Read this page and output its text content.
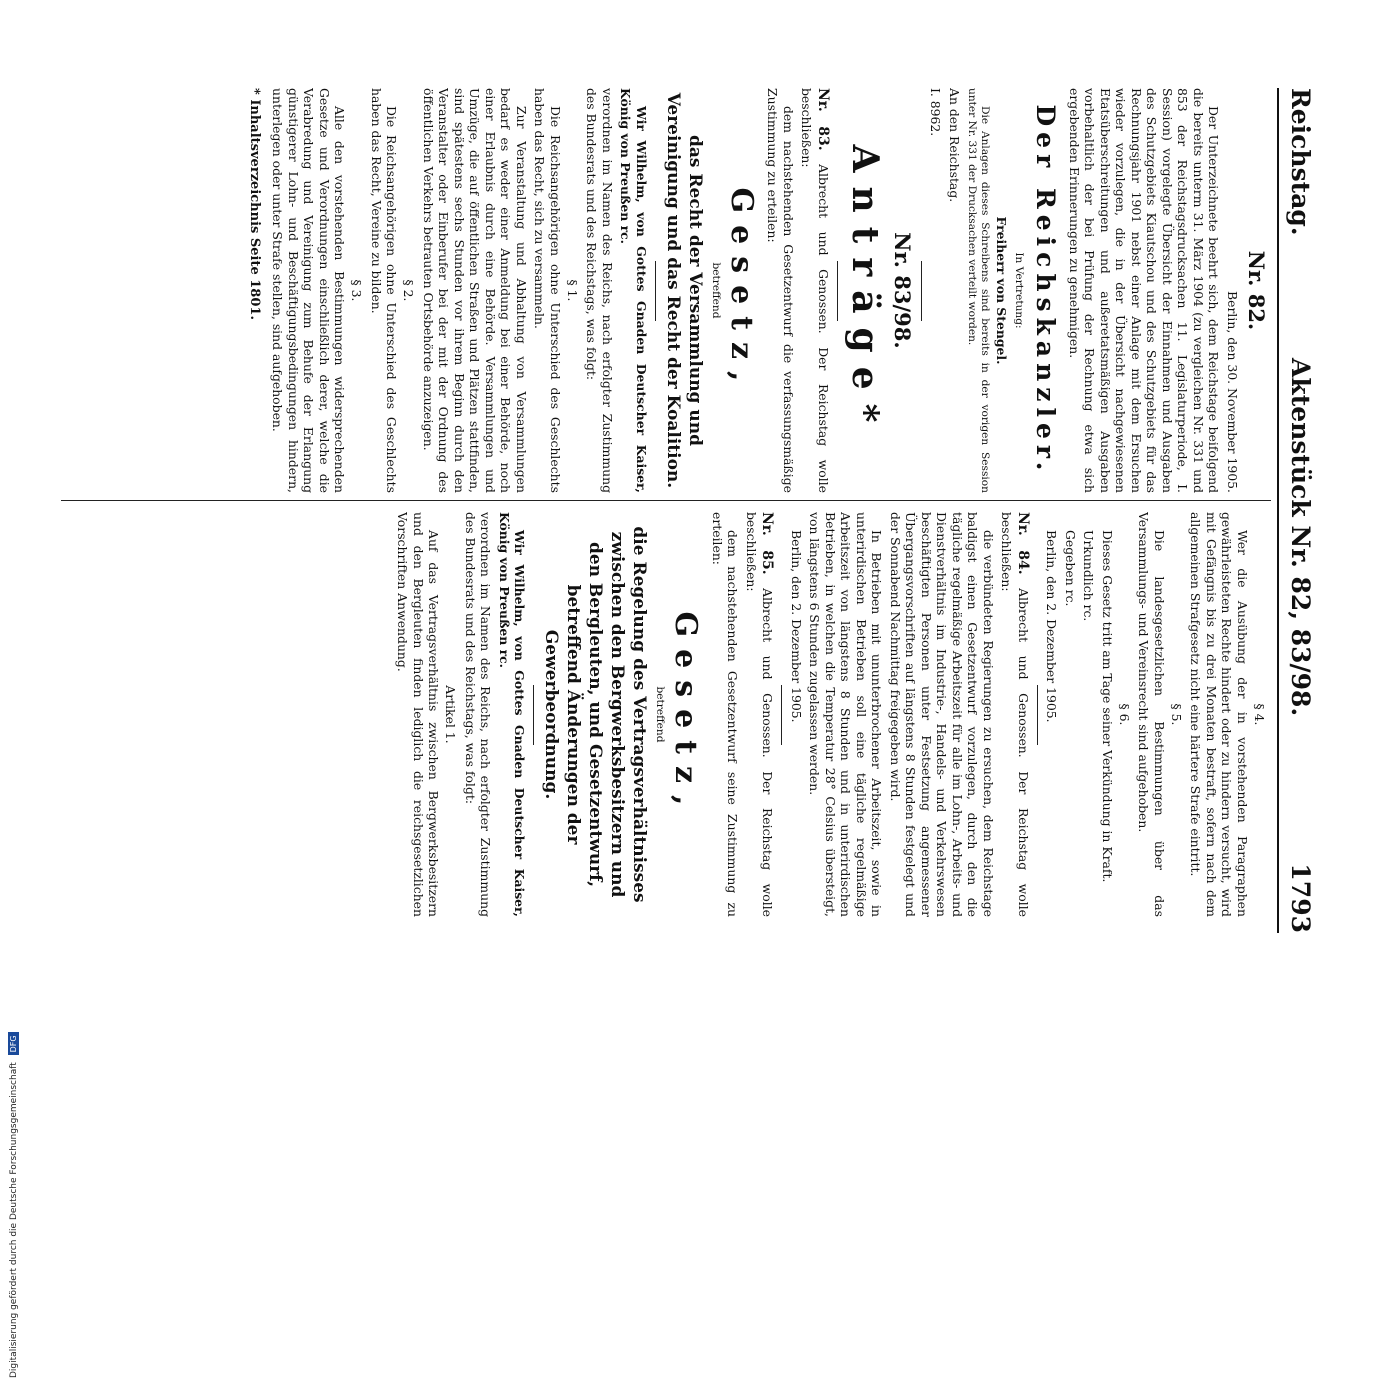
Reichstag.
Aktenstück Nr. 82, 83/98.
1793
Nr. 82.

Berlin, den 30. November 1905.

Der Unterzeichnete beehrt sich, dem Reichstage beifolgend die bereits unterm 31. März 1904 (zu vergleichen Nr. 331 und 853 der Reichstagsdrucksachen 11. Legislaturperiode, I. Session) vorgelegte Übersicht der Einnahmen und Ausgaben des Schutzgebiets Kiautschou und des Schutzgebiets für das Rechnungsjahr 1901 nebst einer Anlage mit dem Ersuchen wieder vorzulegen, die in der Übersicht nachgewiesenen Etatsüberschreitungen und außeretatsmäßigen Ausgaben vorbehaltlich der bei Prüfung der Rechnung etwa sich ergebenden Erinnerungen zu genehmigen.

Der Reichskanzler.

In Vertretung:

Freiherr von Stengel.

Die Anlagen dieses Schreibens sind bereits in der vorigen Session unter Nr. 331 der Drucksachen verteilt worden.

An den Reichstag.

I. 8962.

Nr. 83/98.
Anträge*

Nr. 83. Albrecht und Genossen. Der Reichstag wolle beschließen:

dem nachstehenden Gesetzentwurf die verfassungsmäßige Zustimmung zu erteilen:

Gesetz,

betreffend

das Recht der Versammlung und Vereinigung und das Recht der Koalition.

Wir Wilhelm, von Gottes Gnaden Deutscher Kaiser, König von Preußen rc.

verordnen im Namen des Reichs, nach erfolgter Zustimmung des Bundesrats und des Reichstags, was folgt:

§ 1.

Die Reichsangehörigen ohne Unterschied des Geschlechts haben das Recht, sich zu versammeln.

Zur Veranstaltung und Abhaltung von Versammlungen bedarf es weder einer Anmeldung bei einer Behörde, noch einer Erlaubnis durch eine Behörde. Versammlungen und Umzüge, die auf öffentlichen Straßen und Plätzen stattfinden, sind spätestens sechs Stunden vor ihrem Beginn durch den Veranstalter oder Einberufer bei der mit der Ordnung des öffentlichen Verkehrs betrauten Ortsbehörde anzuzeigen.

§ 2.

Die Reichsangehörigen ohne Unterschied des Geschlechts haben das Recht, Vereine zu bilden.

§ 3.

Alle den vorstehenden Bestimmungen widersprechenden Gesetze und Verordnungen einschließlich derer, welche die Verabredung und Vereinigung zum Behufe der Erlangung günstigerer Lohn- und Beschäftigungsbedingungen hindern, unterlegen oder unter Strafe stellen, sind aufgehoben.

* Inhaltsverzeichnis Seite 1801.
§ 4.

Wer die Ausübung der in vorstehenden Paragraphen gewährleisteten Rechte hindert oder zu hindern versucht, wird mit Gefängnis bis zu drei Monaten bestraft, sofern nach dem allgemeinen Strafgesetz nicht eine härtere Strafe eintritt.

§ 5.

Die landesgesetzlichen Bestimmungen über das Versammlungs- und Vereinsrecht sind aufgehoben.

§ 6.

Dieses Gesetz tritt am Tage seiner Verkündung in Kraft.

Urkundlich rc.

Gegeben rc.

Berlin, den 2. Dezember 1905.

Nr. 84. Albrecht und Genossen. Der Reichstag wolle beschließen:

die verbündeten Regierungen zu ersuchen, dem Reichstage baldigst einen Gesetzentwurf vorzulegen, durch den die tägliche regelmäßige Arbeitszeit für alle im Lohn-, Arbeits- und Dienstverhältnis im Industrie-, Handels- und Verkehrswesen beschäftigten Personen unter Festsetzung angemessener Übergangsvorschriften auf längstens 8 Stunden festgelegt und der Sonnabend Nachmittag freigegeben wird.

In Betrieben mit ununterbrochener Arbeitszeit, sowie in unterirdischen Betrieben soll eine tägliche regelmäßige Arbeitszeit von längstens 8 Stunden und in unterirdischen Betrieben, in welchen die Temperatur 28° Celsius übersteigt, von längstens 6 Stunden zugelassen werden.

Berlin, den 2. Dezember 1905.

Nr. 85. Albrecht und Genossen. Der Reichstag wolle beschließen:

dem nachstehenden Gesetzentwurf seine Zustimmung zu erteilen:

Gesetz,

betreffend

die Regelung des Vertragsverhältnisses zwischen den Bergwerksbesitzern und den Bergleuten, und Gesetzentwurf, betreffend Änderungen der Gewerbeordnung.

Wir Wilhelm, von Gottes Gnaden Deutscher Kaiser, König von Preußen rc.

verordnen im Namen des Reichs, nach erfolgter Zustimmung des Bundesrats und des Reichstags, was folgt:

Artikel 1.

Auf das Vertragsverhältnis zwischen Bergwerksbesitzern und den Bergleuten finden lediglich die reichsgesetzlichen Vorschriften Anwendung.

Digitalisierung gefördert durch die Deutsche Forschungsgemeinschaft DFG
